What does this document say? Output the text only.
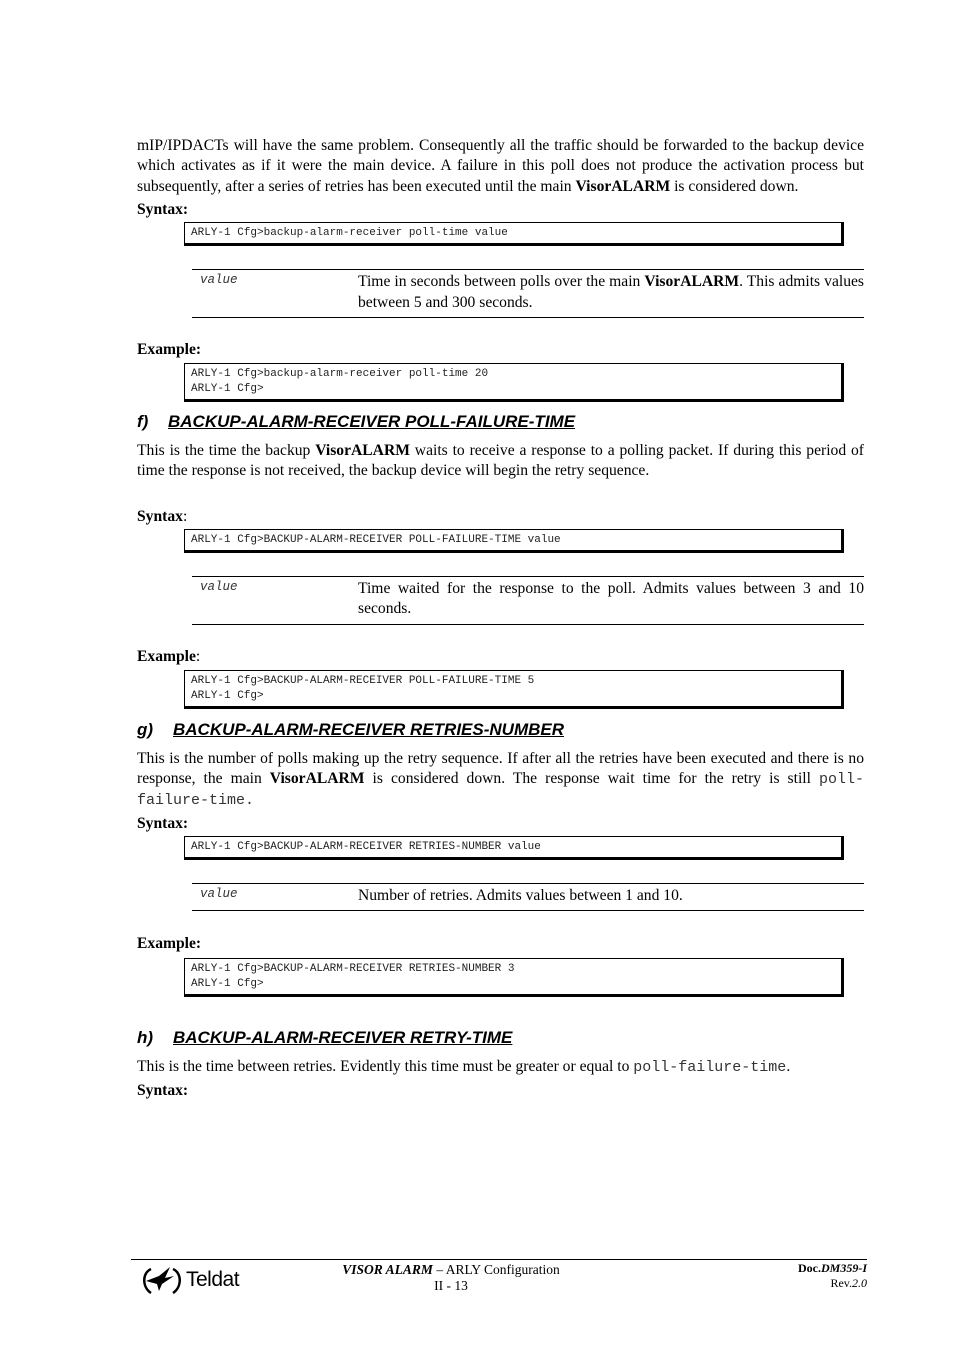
mIP/IPDACTs will have the same problem. Consequently all the traffic should be forwarded to the backup device which activates as if it were the main device. A failure in this poll does not produce the activation process but subsequently, after a series of retries has been executed until the main VisorALARM is considered down.

Syntax:

ARLY-1 Cfg>backup-alarm-receiver poll-time value
value	Time in seconds between polls over the main VisorALARM. This admits values between 5 and 300 seconds.

Example:

ARLY-1 Cfg>backup-alarm-receiver poll-time 20
ARLY-1 Cfg>
f)	BACKUP-ALARM-RECEIVER POLL-FAILURE-TIME

This is the time the backup VisorALARM waits to receive a response to a polling packet. If during this period of time the response is not received, the backup device will begin the retry sequence.

Syntax:

ARLY-1 Cfg>BACKUP-ALARM-RECEIVER POLL-FAILURE-TIME value
value	Time waited for the response to the poll. Admits values between 3 and 10 seconds.

Example:

ARLY-1 Cfg>BACKUP-ALARM-RECEIVER POLL-FAILURE-TIME 5
ARLY-1 Cfg>
g)	BACKUP-ALARM-RECEIVER RETRIES-NUMBER

This is the number of polls making up the retry sequence. If after all the retries have been executed and there is no response, the main VisorALARM is considered down. The response wait time for the retry is still poll-failure-time.

Syntax:

ARLY-1 Cfg>BACKUP-ALARM-RECEIVER RETRIES-NUMBER value
value	Number of retries. Admits values between 1 and 10.

Example:

ARLY-1 Cfg>BACKUP-ALARM-RECEIVER RETRIES-NUMBER 3
ARLY-1 Cfg>
h)	BACKUP-ALARM-RECEIVER RETRY-TIME

This is the time between retries. Evidently this time must be greater or equal to poll-failure-time.

Syntax:

Teldat	VISOR ALARM – ARLY Configuration
II - 13
Doc.DM359-I
Rev.2.0
